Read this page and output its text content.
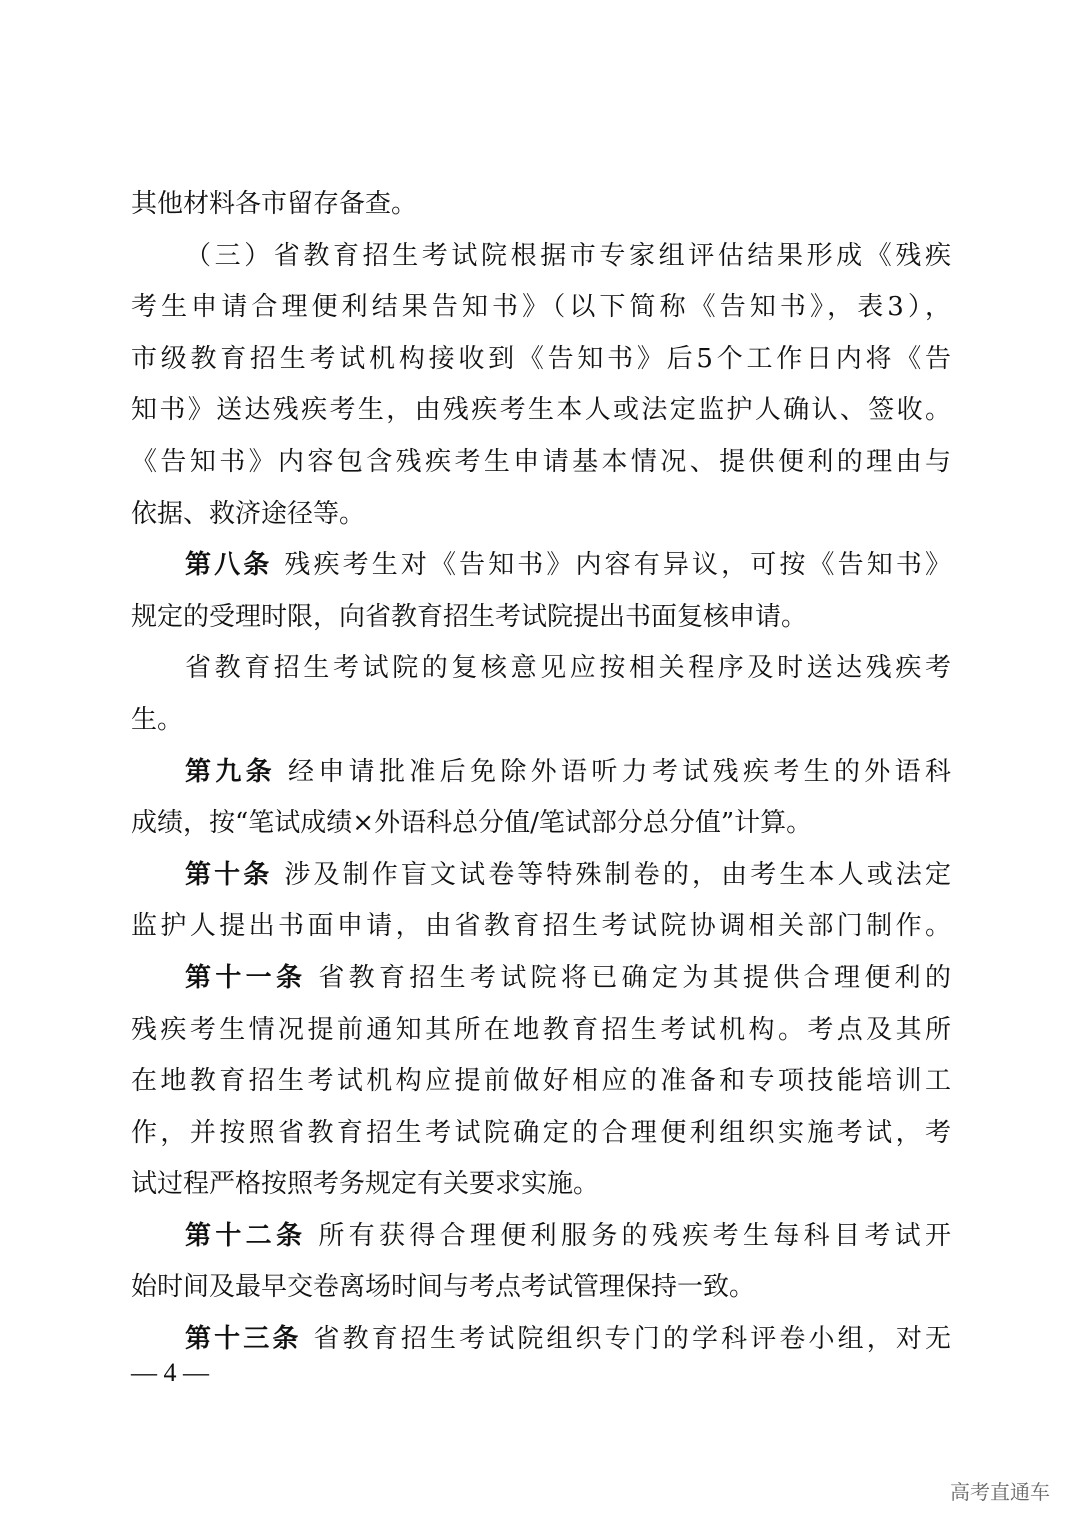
其他材料各市留存备查。
（三）省教育招生考试院根据市专家组评估结果形成《残疾
考生申请合理便利结果告知书》（以下简称《告知书》，表3），
市级教育招生考试机构接收到《告知书》后5个工作日内将《告
知书》送达残疾考生，由残疾考生本人或法定监护人确认、签收。
《告知书》内容包含残疾考生申请基本情况、提供便利的理由与
依据、救济途径等。
第八条 残疾考生对《告知书》内容有异议，可按《告知书》
规定的受理时限，向省教育招生考试院提出书面复核申请。
省教育招生考试院的复核意见应按相关程序及时送达残疾考
生。
第九条 经申请批准后免除外语听力考试残疾考生的外语科
成绩，按“笔试成绩×外语科总分值/笔试部分总分值”计算。
第十条 涉及制作盲文试卷等特殊制卷的，由考生本人或法定
监护人提出书面申请，由省教育招生考试院协调相关部门制作。
第十一条 省教育招生考试院将已确定为其提供合理便利的
残疾考生情况提前通知其所在地教育招生考试机构。考点及其所
在地教育招生考试机构应提前做好相应的准备和专项技能培训工
作，并按照省教育招生考试院确定的合理便利组织实施考试，考
试过程严格按照考务规定有关要求实施。
第十二条 所有获得合理便利服务的残疾考生每科目考试开
始时间及最早交卷离场时间与考点考试管理保持一致。
第十三条 省教育招生考试院组织专门的学科评卷小组，对无
— 4 —
高考直通车
